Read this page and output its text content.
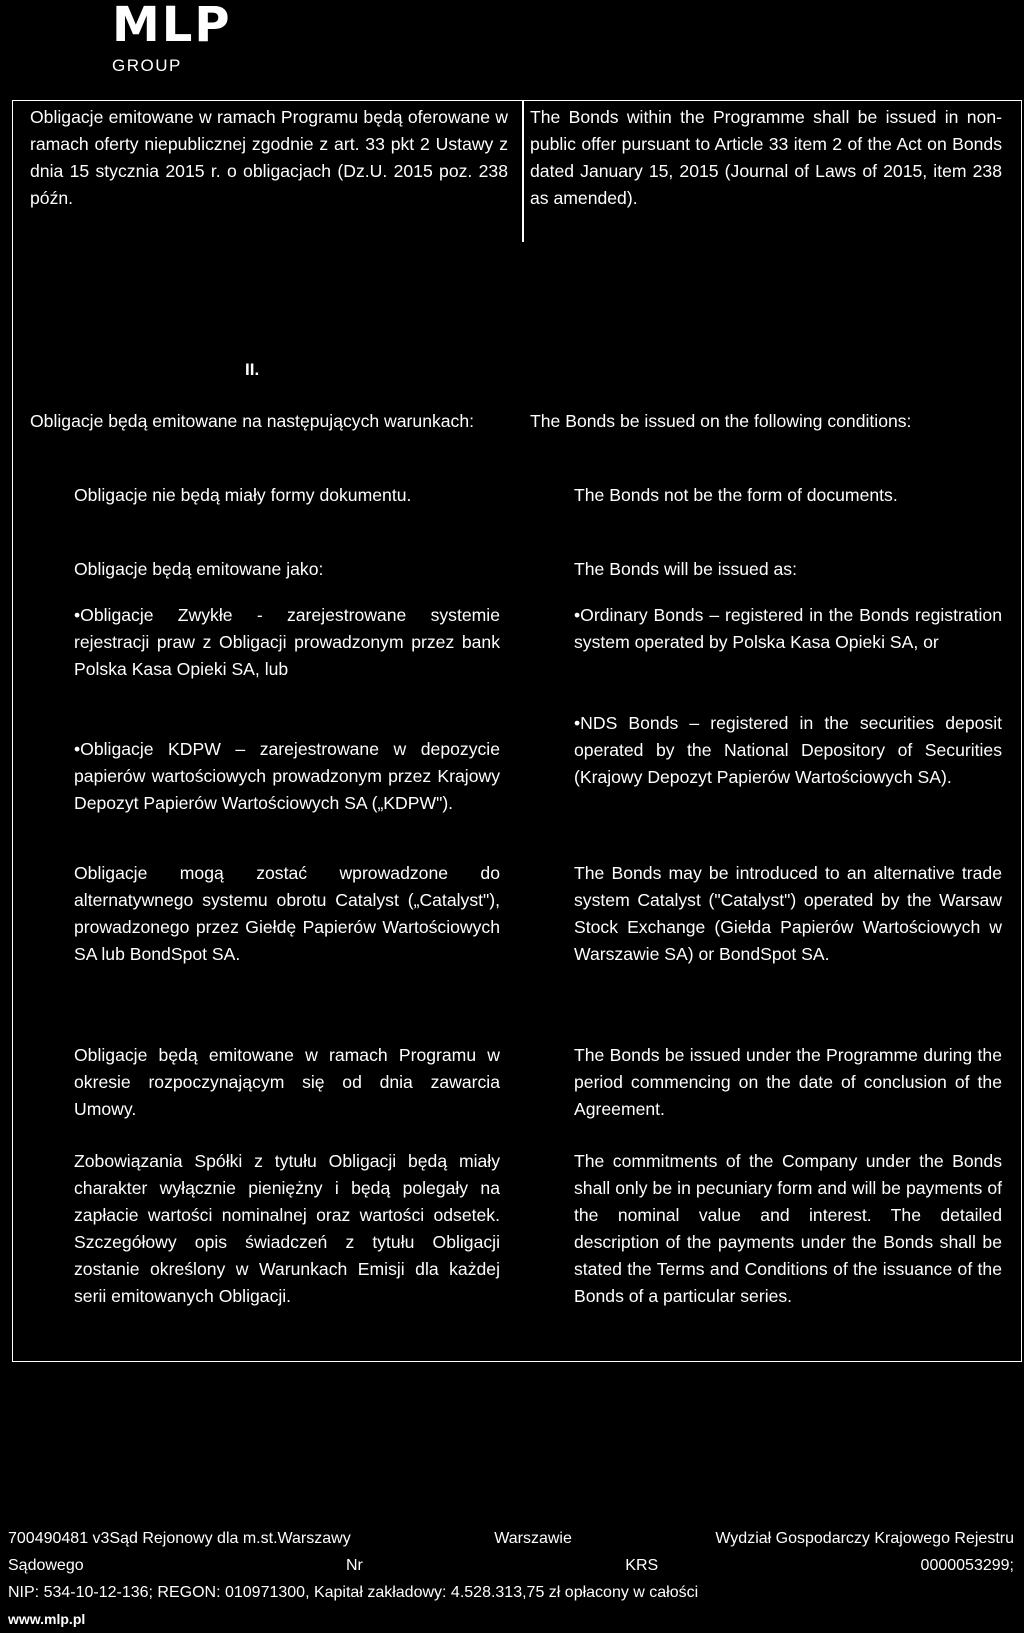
MLP
GROUP
Obligacje emitowane w ramach Programu będą oferowane w ramach oferty niepublicznej zgodnie z art. 33 pkt 2 Ustawy z dnia 15 stycznia 2015 r. o obligacjach (Dz.U. 2015 poz. 238 późn.
The Bonds within the Programme shall be issued in non-public offer pursuant to Article 33 item 2 of the Act on Bonds dated January 15, 2015 (Journal of Laws of 2015, item 238 as amended).
II.
Obligacje będą emitowane na następujących warunkach:	The Bonds be issued on the following conditions:
Obligacje nie będą miały formy dokumentu.	The Bonds not be the form of documents.
Obligacje będą emitowane jako:	The Bonds will be issued as:
•Obligacje Zwykłe - zarejestrowane systemie rejestracji praw z Obligacji prowadzonym przez bank Polska Kasa Opieki SA, lub
•Ordinary Bonds – registered in the Bonds registration system operated by Polska Kasa Opieki SA, or
•Obligacje KDPW – zarejestrowane w depozycie papierów wartościowych prowadzonym przez Krajowy Depozyt Papierów Wartościowych SA („KDPW").
•NDS Bonds – registered in the securities deposit operated by the National Depository of Securities (Krajowy Depozyt Papierów Wartościowych SA).
Obligacje mogą zostać wprowadzone do alternatywnego systemu obrotu Catalyst („Catalyst"), prowadzonego przez Giełdę Papierów Wartościowych SA lub BondSpot SA.
The Bonds may be introduced to an alternative trade system Catalyst ("Catalyst") operated by the Warsaw Stock Exchange (Giełda Papierów Wartościowych w Warszawie SA) or BondSpot SA.
Obligacje będą emitowane w ramach Programu w okresie rozpoczynającym się od dnia zawarcia Umowy.
The Bonds be issued under the Programme during the period commencing on the date of conclusion of the Agreement.
Zobowiązania Spółki z tytułu Obligacji będą miały charakter wyłącznie pieniężny i będą polegały na zapłacie wartości nominalnej oraz wartości odsetek. Szczegółowy opis świadczeń z tytułu Obligacji zostanie określony w Warunkach Emisji dla każdej serii emitowanych Obligacji.
The commitments of the Company under the Bonds shall only be in pecuniary form and will be payments of the nominal value and interest. The detailed description of the payments under the Bonds shall be stated the Terms and Conditions of the issuance of the Bonds of a particular series.
700490481 v3Sąd Rejonowy dla m.st.Warszawy	Warszawie	Wydział Gospodarczy Krajowego Rejestru
Sądowego	Nr	KRS	0000053299;
NIP: 534-10-12-136; REGON: 010971300, Kapitał zakładowy: 4.528.313,75 zł opłacony w całości
www.mlp.pl
